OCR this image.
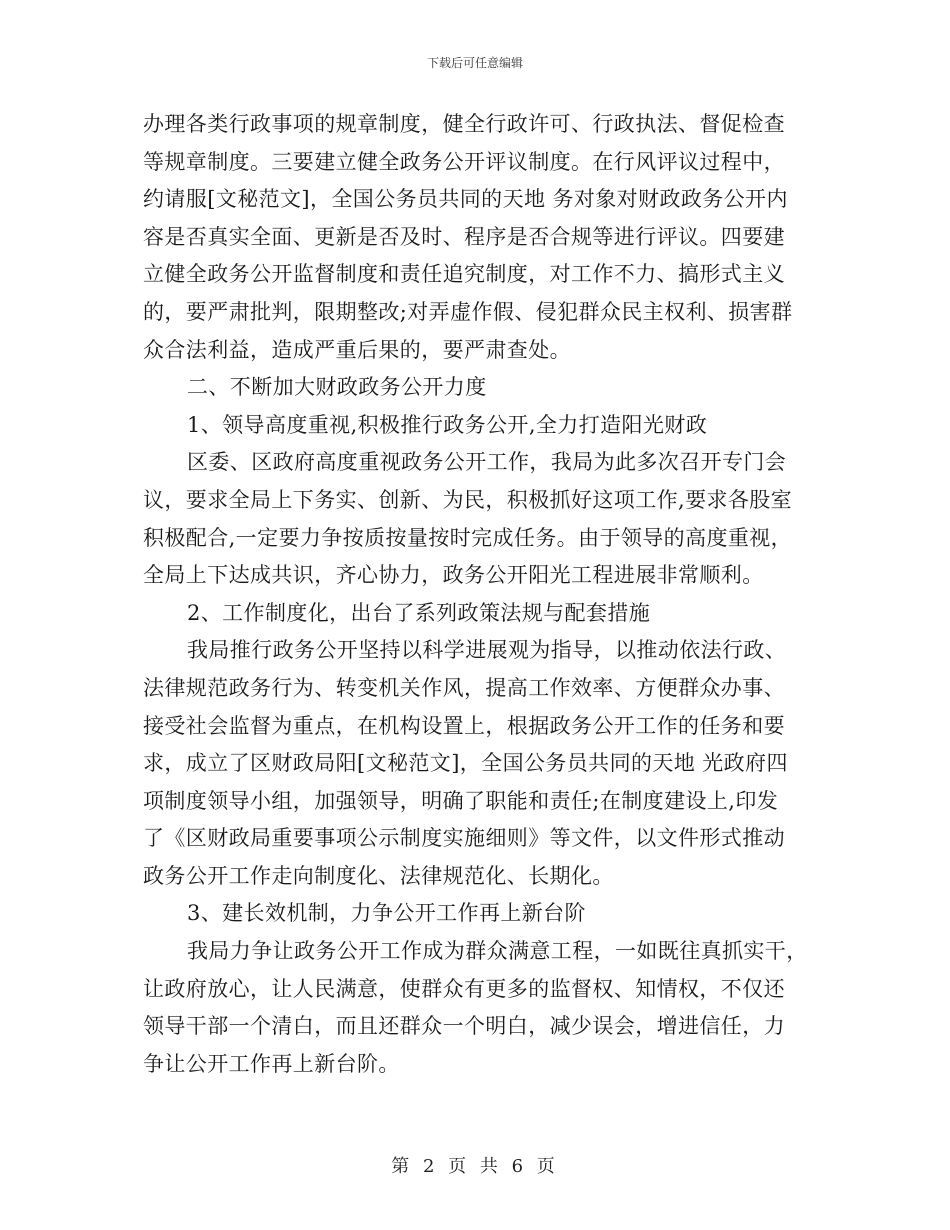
下载后可任意编辑
办理各类行政事项的规章制度，健全行政许可、行政执法、督促检查
等规章制度。三要建立健全政务公开评议制度。在行风评议过程中，
约请服[文秘范文]，全国公务员共同的天地 务对象对财政政务公开内
容是否真实全面、更新是否及时、程序是否合规等进行评议。四要建
立健全政务公开监督制度和责任追究制度，对工作不力、搞形式主义
的，要严肃批判，限期整改;对弄虚作假、侵犯群众民主权利、损害群
众合法利益，造成严重后果的，要严肃查处。
二、不断加大财政政务公开力度
1、领导高度重视,积极推行政务公开,全力打造阳光财政
区委、区政府高度重视政务公开工作，我局为此多次召开专门会
议，要求全局上下务实、创新、为民，积极抓好这项工作,要求各股室
积极配合,一定要力争按质按量按时完成任务。由于领导的高度重视，
全局上下达成共识，齐心协力，政务公开阳光工程进展非常顺利。
2、工作制度化，出台了系列政策法规与配套措施
我局推行政务公开坚持以科学进展观为指导，以推动依法行政、
法律规范政务行为、转变机关作风，提高工作效率、方便群众办事、
接受社会监督为重点，在机构设置上，根据政务公开工作的任务和要
求，成立了区财政局阳[文秘范文]，全国公务员共同的天地 光政府四
项制度领导小组，加强领导，明确了职能和责任;在制度建设上,印发
了《区财政局重要事项公示制度实施细则》等文件，以文件形式推动
政务公开工作走向制度化、法律规范化、长期化。
3、建长效机制，力争公开工作再上新台阶
我局力争让政务公开工作成为群众满意工程，一如既往真抓实干，
让政府放心，让人民满意，使群众有更多的监督权、知情权，不仅还
领导干部一个清白，而且还群众一个明白，减少误会，增进信任，力
争让公开工作再上新台阶。
第 2 页 共 6 页
